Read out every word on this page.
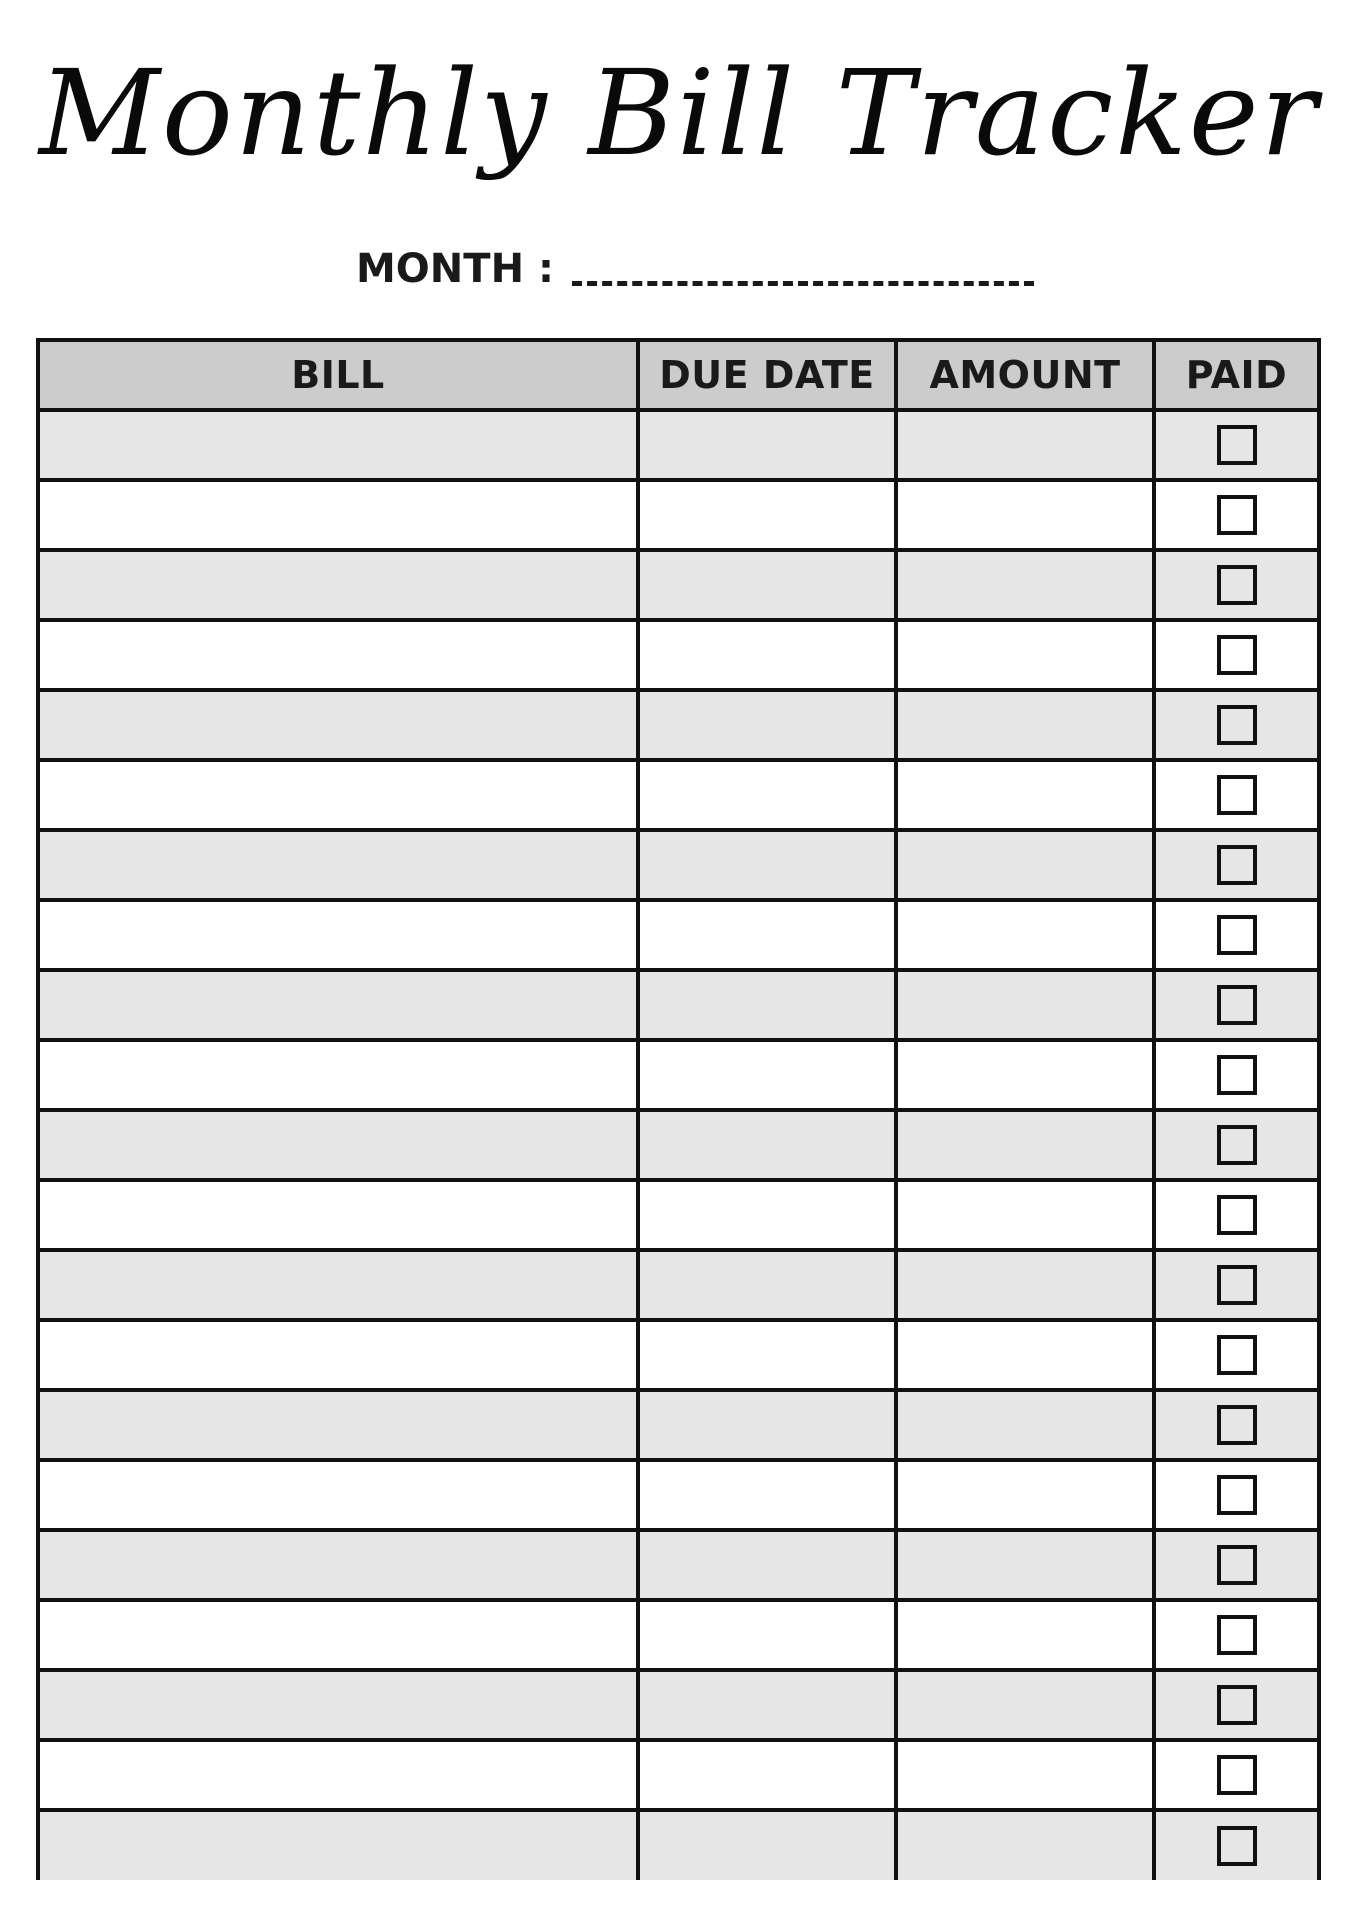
Monthly Bill Tracker
MONTH :
BILL	DUE DATE	AMOUNT	PAID
